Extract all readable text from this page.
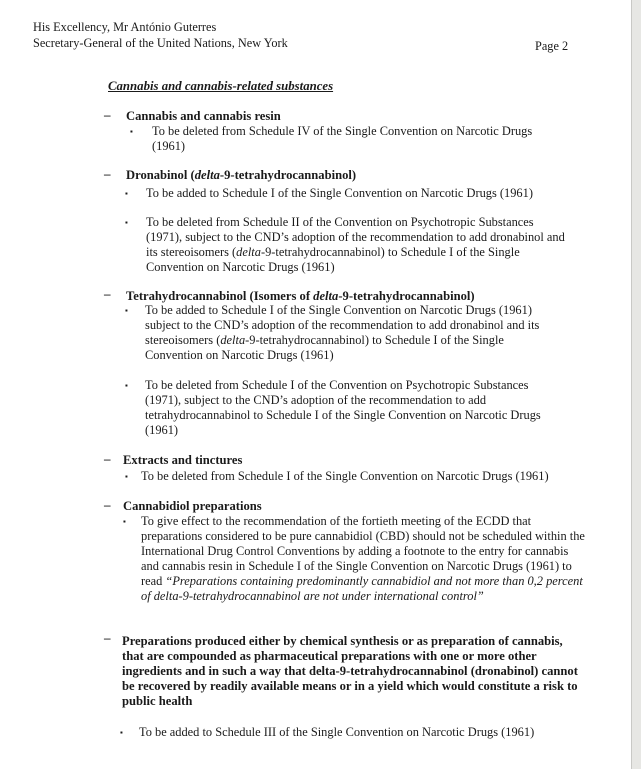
His Excellency, Mr António Guterres
Secretary-General of the United Nations, New York	Page 2
Cannabis and cannabis-related substances
– Cannabis and cannabis resin
▪ To be deleted from Schedule IV of the Single Convention on Narcotic Drugs (1961)
– Dronabinol (delta-9-tetrahydrocannabinol)
▪ To be added to Schedule I of the Single Convention on Narcotic Drugs (1961)
▪ To be deleted from Schedule II of the Convention on Psychotropic Substances (1971), subject to the CND’s adoption of the recommendation to add dronabinol and its stereoisomers (delta-9-tetrahydrocannabinol) to Schedule I of the Single Convention on Narcotic Drugs (1961)
– Tetrahydrocannabinol (Isomers of delta-9-tetrahydrocannabinol)
▪ To be added to Schedule I of the Single Convention on Narcotic Drugs (1961) subject to the CND’s adoption of the recommendation to add dronabinol and its stereoisomers (delta-9-tetrahydrocannabinol) to Schedule I of the Single Convention on Narcotic Drugs (1961)
▪ To be deleted from Schedule I of the Convention on Psychotropic Substances (1971), subject to the CND’s adoption of the recommendation to add tetrahydrocannabinol to Schedule I of the Single Convention on Narcotic Drugs (1961)
– Extracts and tinctures
▪ To be deleted from Schedule I of the Single Convention on Narcotic Drugs (1961)
– Cannabidiol preparations
▪ To give effect to the recommendation of the fortieth meeting of the ECDD that preparations considered to be pure cannabidiol (CBD) should not be scheduled within the International Drug Control Conventions by adding a footnote to the entry for cannabis and cannabis resin in Schedule I of the Single Convention on Narcotic Drugs (1961) to read “Preparations containing predominantly cannabidiol and not more than 0,2 percent of delta-9-tetrahydrocannabinol are not under international control”
– Preparations produced either by chemical synthesis or as preparation of cannabis, that are compounded as pharmaceutical preparations with one or more other ingredients and in such a way that delta-9-tetrahydrocannabinol (dronabinol) cannot be recovered by readily available means or in a yield which would constitute a risk to public health
▪ To be added to Schedule III of the Single Convention on Narcotic Drugs (1961)
